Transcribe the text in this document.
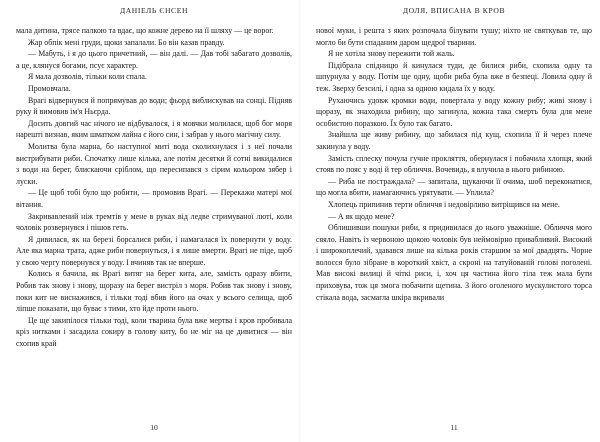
ДАНІЕЛЬ ЄНСЕН

мала дитина, трясе палкою та вдає, що кожне дерево на її шляху — це ворог.

Жар обпік мені груди, щоки запалали. Бо він казав правду.

— Мабуть, і я до цього причетний, — він далі. — Дав тобі забагато дозволів, а це, клянуся богами, псує характер.

Я мала дозволів, тільки коли спала.

Промовчала.

Врагі відвернувся й попрямував до води; фьорд виблискував на сонці. Підняв руку й вимовив ім'я Ньєрда.

Досить довгий час нічого не відбувалося, і я мовчки молилася, щоб бог моря нарешті визнав, яким шматком лайна є його син, і забрав у нього магічну силу.

Молитва була марна, бо наступної миті вода сколихнулася і з неї почали вистрибувати риби. Спочатку лише кілька, але потім десятки й сотні викидалися з води на берег, блискаючи сріблом, що пересипався з сірим кольором зябер і луски.

— Це щоб тобі було що робити, — промовив Врагі. — Перекажи матері мої вітання.

Закривавлений ніж тремтів у мене в руках від ледве стримуваної люті, коли чоловік розвернувся і пішов геть.

Я дивилася, як на березі борсалися риби, і намагалася їх повернути у воду. Але яка марна трата, адже риби повернуться, і я лише вмерти. Врагі не піде, щоб у свою чергу повернувся у воду. І вчиняв так не вперше.

Колись я бачила, як Врагі витяг на берег кита, але, замість одразу вбити, Робив так знову і знову, щоразу на берег вистріл з моря. Робив так знову і знову, поки кит не виснажився, і тільки тоді вбив його на очах у всього селища, щоб ліпше показати, що буває з тими, хто йде проти нього.

Це ще закипілося тільки тоді, коли тварина була вже мертва і кров пробивала кріз нитками і засадила сокиру в голову киту, бо не міг на це дивитися — він схопив край

10
ДОЛЯ, ВПИСАНА В КРОВ

нової муки, і решта з яких розпочала білувати тушу; ніхто не святкував те, що могло би бути спаданим даром щедрої тварини.

Я не хотіла знову пережити той жаль.

Підібрала спідницю й кинулася туди, де билися риби, схопила одну та шпурнула у воду. Потім ще одну, щоби риба була вже в безпеці. Ловила одну й теж. Зверху безсилі, і одна за одною кидала їх у воду.

Рухаючись удовж кромки води, повертала у воду кожну рибу; живі знову і щоразу, як знаходила рибину, що загинула, кожна така смерть була для мене особистою поразкою. Їх було так багато.

Знайшла ще живу рибину, що забилася під кущ, схопила її й через плече закинула у воду.

Замість сплеску почула гучне прокляття, обернулася і побачила хлопця, який стояв по пояс у воді й тер обличчя. Вочевидь, я влучила в нього рибиною.

— Риба не постраждала? — запитала, щукаючи її очима, шоб переконатися, що могла вбити, намагаючись урятувати. — Уплила?

Хлопець припинив терти обличчя і недовірливо витріщився на мене.

— А як щодо мене?

Облишивши пошуки риби, я придивилася до нього уважніше. Обличчя мого сяяло. Навіть із червоною щокою чоловік був неймовірно привабливий. Високий і широкоплечий, здавався лише на кілька років старшим за мої двадцять. Чорне волосся було зібране в короткий хвіст, а скроні на татуйованій голові поголені. Мав високі вилиці й чіткі риси, і, хоч ця частина його тіла теж мала бути приховува, тож ця змога побачити щетина. З його оголеного мускулистого торса стікала вода, засмагла шкіра вкривали

11
